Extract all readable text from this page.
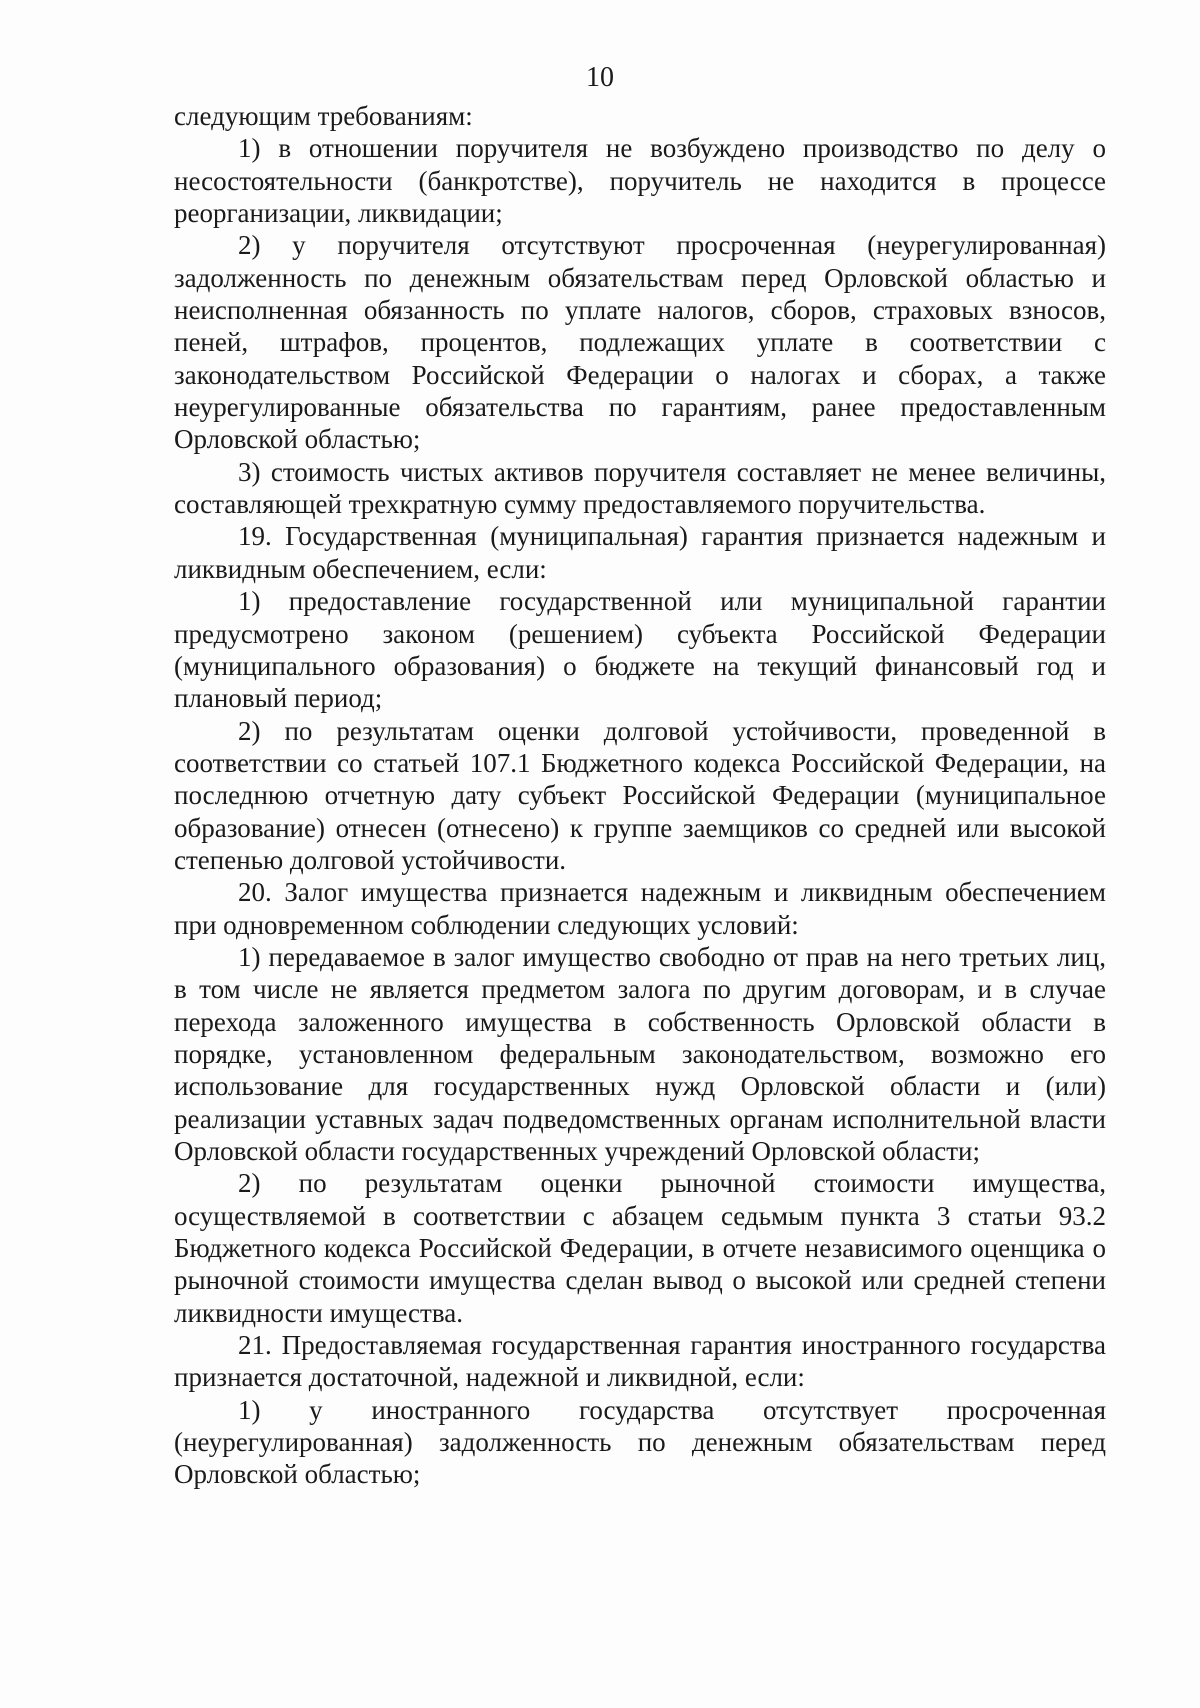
10

следующим требованиям:

1) в отношении поручителя не возбуждено производство по делу о несостоятельности (банкротстве), поручитель не находится в процессе реорганизации, ликвидации;

2) у поручителя отсутствуют просроченная (неурегулированная) задолженность по денежным обязательствам перед Орловской областью и неисполненная обязанность по уплате налогов, сборов, страховых взносов, пеней, штрафов, процентов, подлежащих уплате в соответствии с законодательством Российской Федерации о налогах и сборах, а также неурегулированные обязательства по гарантиям, ранее предоставленным Орловской областью;

3) стоимость чистых активов поручителя составляет не менее величины, составляющей трехкратную сумму предоставляемого поручительства.

19. Государственная (муниципальная) гарантия признается надежным и ликвидным обеспечением, если:

1) предоставление государственной или муниципальной гарантии предусмотрено законом (решением) субъекта Российской Федерации (муниципального образования) о бюджете на текущий финансовый год и плановый период;

2) по результатам оценки долговой устойчивости, проведенной в соответствии со статьей 107.1 Бюджетного кодекса Российской Федерации, на последнюю отчетную дату субъект Российской Федерации (муниципальное образование) отнесен (отнесено) к группе заемщиков со средней или высокой степенью долговой устойчивости.

20. Залог имущества признается надежным и ликвидным обеспечением при одновременном соблюдении следующих условий:

1) передаваемое в залог имущество свободно от прав на него третьих лиц, в том числе не является предметом залога по другим договорам, и в случае перехода заложенного имущества в собственность Орловской области в порядке, установленном федеральным законодательством, возможно его использование для государственных нужд Орловской области и (или) реализации уставных задач подведомственных органам исполнительной власти Орловской области государственных учреждений Орловской области;

2) по результатам оценки рыночной стоимости имущества, осуществляемой в соответствии с абзацем седьмым пункта 3 статьи 93.2 Бюджетного кодекса Российской Федерации, в отчете независимого оценщика о рыночной стоимости имущества сделан вывод о высокой или средней степени ликвидности имущества.

21. Предоставляемая государственная гарантия иностранного государства признается достаточной, надежной и ликвидной, если:

1) у иностранного государства отсутствует просроченная (неурегулированная) задолженность по денежным обязательствам перед Орловской областью;
